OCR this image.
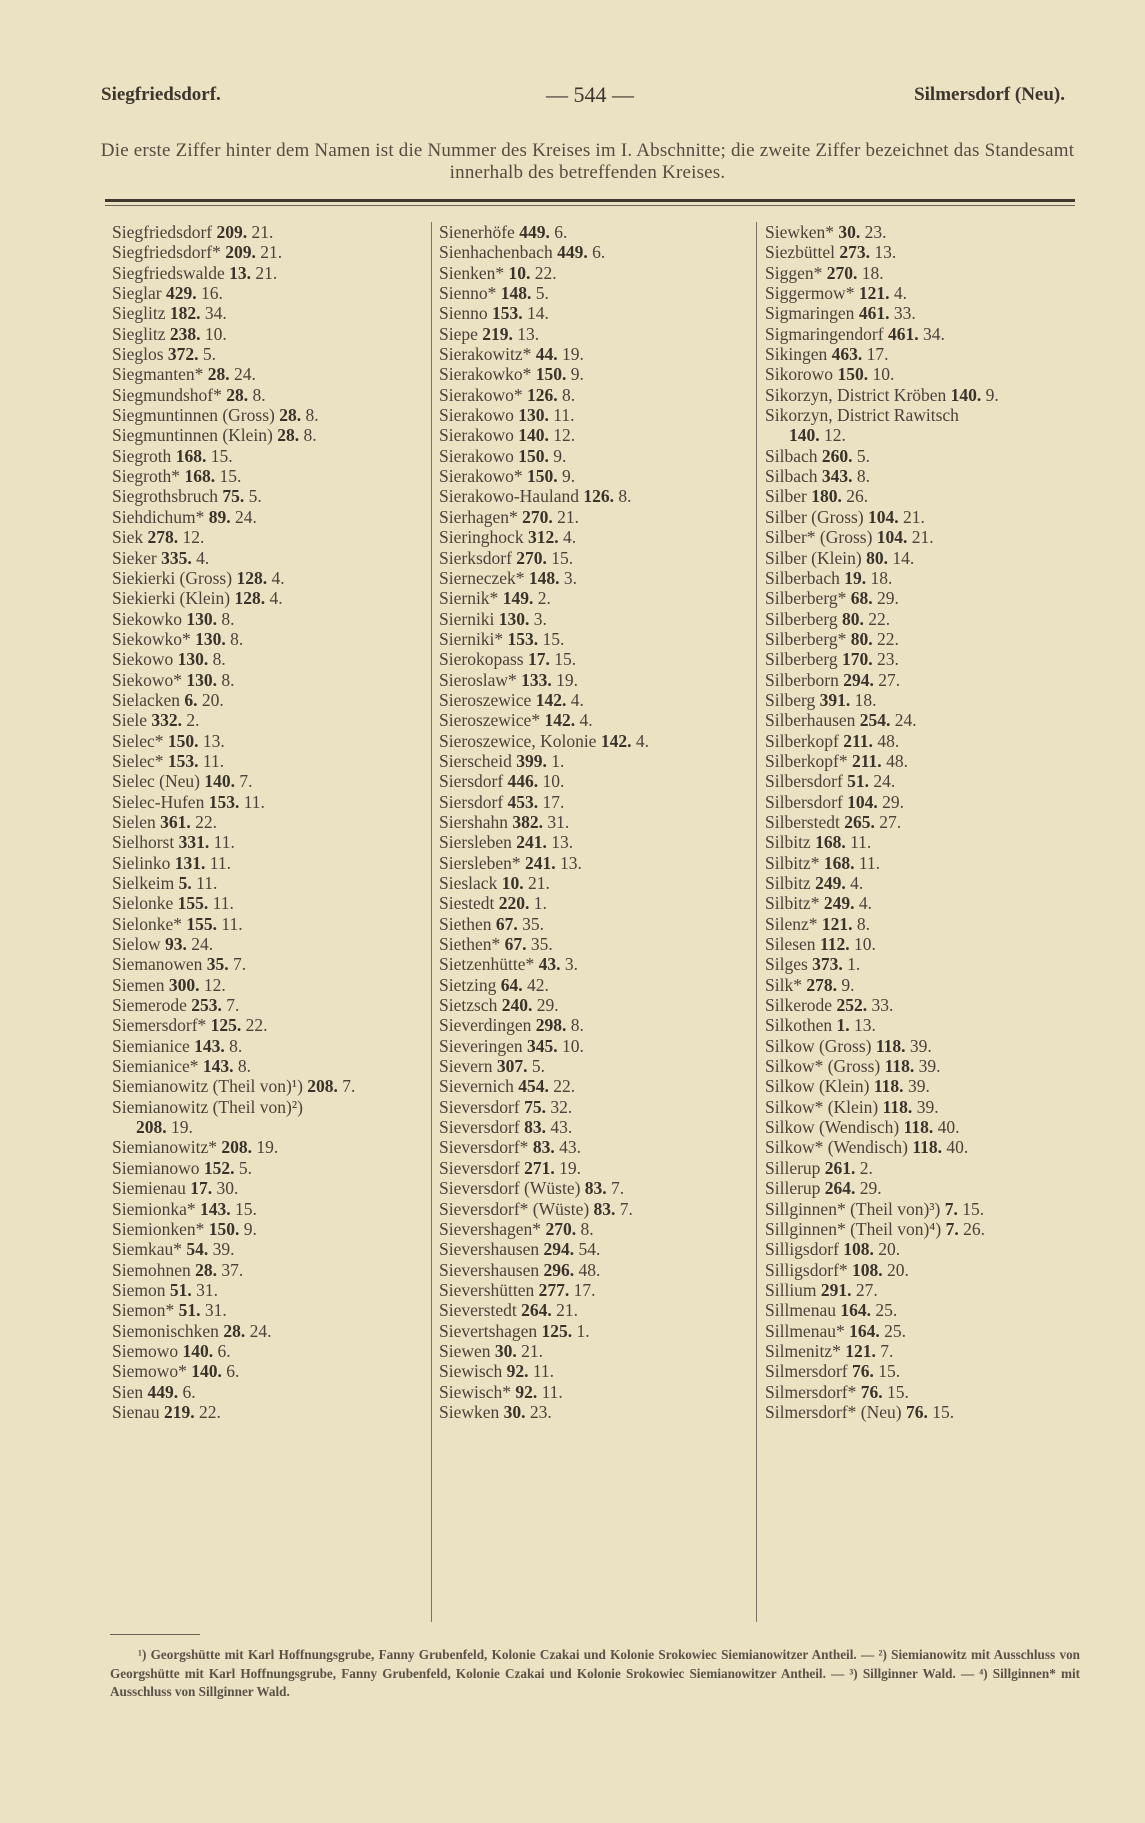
Siegfriedsdorf.	— 544 —	Silmersdorf (Neu).
Die erste Ziffer hinter dem Namen ist die Nummer des Kreises im I. Abschnitte; die zweite Ziffer bezeichnet das Standesamt innerhalb des betreffenden Kreises.
Siegfriedsdorf 209. 21.
Siegfriedsdorf* 209. 21.
Siegfriedswalde 13. 21.
Sieglar 429. 16.
Sieglitz 182. 34.
Sieglitz 238. 10.
Sieglos 372. 5.
Siegmanten* 28. 24.
Siegmundshof* 28. 8.
Siegmuntinnen (Gross) 28. 8.
Siegmuntinnen (Klein) 28. 8.
Siegroth 168. 15.
Siegroth* 168. 15.
Siegrothsbruch 75. 5.
Siehdichum* 89. 24.
Siek 278. 12.
Sieker 335. 4.
Siekierki (Gross) 128. 4.
Siekierki (Klein) 128. 4.
Siekowko 130. 8.
Siekowko* 130. 8.
Siekowo 130. 8.
Siekowo* 130. 8.
Sielacken 6. 20.
Siele 332. 2.
Sielec* 150. 13.
Sielec* 153. 11.
Sielec (Neu) 140. 7.
Sielec-Hufen 153. 11.
Sielen 361. 22.
Sielhorst 331. 11.
Sielinko 131. 11.
Sielkeim 5. 11.
Sielonke 155. 11.
Sielonke* 155. 11.
Sielow 93. 24.
Siemanowen 35. 7.
Siemen 300. 12.
Siemerode 253. 7.
Siemersdorf* 125. 22.
Siemianice 143. 8.
Siemianice* 143. 8.
Siemianowitz (Theil von)¹) 208. 7.
Siemianowitz (Theil von)²)
208. 19.
Siemianowitz* 208. 19.
Siemianowo 152. 5.
Siemienau 17. 30.
Siemionka* 143. 15.
Siemionken* 150. 9.
Siemkau* 54. 39.
Siemohnen 28. 37.
Siemon 51. 31.
Siemon* 51. 31.
Siemonischken 28. 24.
Siemowo 140. 6.
Siemowo* 140. 6.
Sien 449. 6.
Sienau 219. 22.
Sienerhöfe 449. 6.
Sienhachenbach 449. 6.
Sienken* 10. 22.
Sienno* 148. 5.
Sienno 153. 14.
Siepe 219. 13.
Sierakowitz* 44. 19.
Sierakowko* 150. 9.
Sierakowo* 126. 8.
Sierakowo 130. 11.
Sierakowo 140. 12.
Sierakowo 150. 9.
Sierakowo* 150. 9.
Sierakowo-Hauland 126. 8.
Sierhagen* 270. 21.
Sieringhock 312. 4.
Sierksdorf 270. 15.
Sierneczek* 148. 3.
Siernik* 149. 2.
Sierniki 130. 3.
Sierniki* 153. 15.
Sierokopass 17. 15.
Sieroslaw* 133. 19.
Sieroszewice 142. 4.
Sieroszewice* 142. 4.
Sieroszewice, Kolonie 142. 4.
Sierscheid 399. 1.
Siersdorf 446. 10.
Siersdorf 453. 17.
Siershahn 382. 31.
Siersleben 241. 13.
Siersleben* 241. 13.
Sieslack 10. 21.
Siestedt 220. 1.
Siethen 67. 35.
Siethen* 67. 35.
Sietzenhütte* 43. 3.
Sietzing 64. 42.
Sietzsch 240. 29.
Sieverdingen 298. 8.
Sieveringen 345. 10.
Sievern 307. 5.
Sievernich 454. 22.
Sieversdorf 75. 32.
Sieversdorf 83. 43.
Sieversdorf* 83. 43.
Sieversdorf 271. 19.
Sieversdorf (Wüste) 83. 7.
Sieversdorf* (Wüste) 83. 7.
Sievershagen* 270. 8.
Sievershausen 294. 54.
Sievershausen 296. 48.
Sievershütten 277. 17.
Sieverstedt 264. 21.
Sievertshagen 125. 1.
Siewen 30. 21.
Siewisch 92. 11.
Siewisch* 92. 11.
Siewken 30. 23.
Siewken* 30. 23.
Siezbüttel 273. 13.
Siggen* 270. 18.
Siggermow* 121. 4.
Sigmaringen 461. 33.
Sigmaringendorf 461. 34.
Sikingen 463. 17.
Sikorowo 150. 10.
Sikorzyn, District Kröben 140. 9.
Sikorzyn, District Rawitsch
140. 12.
Silbach 260. 5.
Silbach 343. 8.
Silber 180. 26.
Silber (Gross) 104. 21.
Silber* (Gross) 104. 21.
Silber (Klein) 80. 14.
Silberbach 19. 18.
Silberberg* 68. 29.
Silberberg 80. 22.
Silberberg* 80. 22.
Silberberg 170. 23.
Silberborn 294. 27.
Silberg 391. 18.
Silberhausen 254. 24.
Silberkopf 211. 48.
Silberkopf* 211. 48.
Silbersdorf 51. 24.
Silbersdorf 104. 29.
Silberstedt 265. 27.
Silbitz 168. 11.
Silbitz* 168. 11.
Silbitz 249. 4.
Silbitz* 249. 4.
Silenz* 121. 8.
Silesen 112. 10.
Silges 373. 1.
Silk* 278. 9.
Silkerode 252. 33.
Silkothen 1. 13.
Silkow (Gross) 118. 39.
Silkow* (Gross) 118. 39.
Silkow (Klein) 118. 39.
Silkow* (Klein) 118. 39.
Silkow (Wendisch) 118. 40.
Silkow* (Wendisch) 118. 40.
Sillerup 261. 2.
Sillerup 264. 29.
Sillginnen* (Theil von)³) 7. 15.
Sillginnen* (Theil von)⁴) 7. 26.
Silligsdorf 108. 20.
Silligsdorf* 108. 20.
Sillium 291. 27.
Sillmenau 164. 25.
Sillmenau* 164. 25.
Silmenitz* 121. 7.
Silmersdorf 76. 15.
Silmersdorf* 76. 15.
Silmersdorf* (Neu) 76. 15.
¹) Georgshütte mit Karl Hoffnungsgrube, Fanny Grubenfeld, Kolonie Czakai und Kolonie Srokowiec Siemianowitzer Antheil. — ²) Siemianowitz mit Ausschluss von Georgshütte mit Karl Hoffnungsgrube, Fanny Grubenfeld, Kolonie Czakai und Kolonie Srokowiec Siemianowitzer Antheil. — ³) Sillginner Wald. — ⁴) Sillginnen* mit Ausschluss von Sillginner Wald.
